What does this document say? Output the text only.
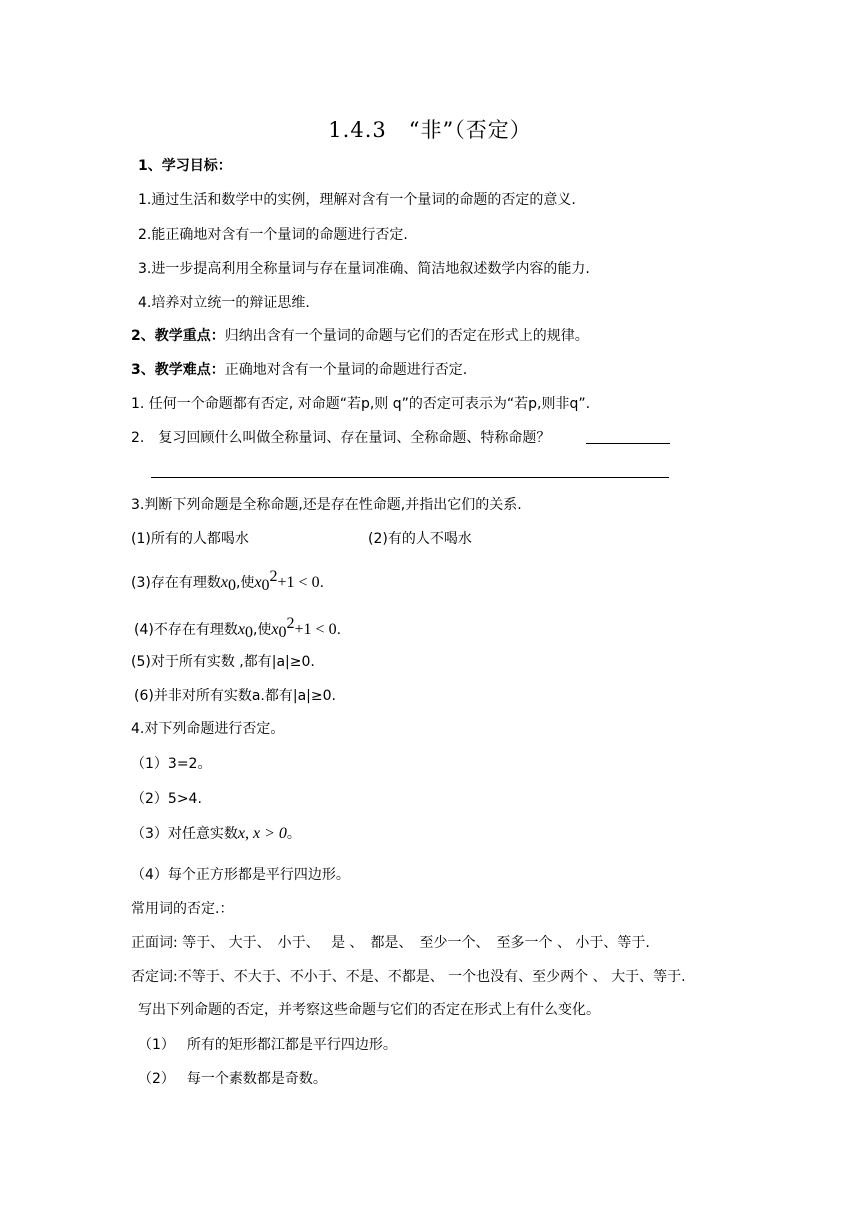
1.4.3　“非”（否定）
1、学习目标：
1.通过生活和数学中的实例，理解对含有一个量词的命题的否定的意义.
2.能正确地对含有一个量词的命题进行否定.
3.进一步提高利用全称量词与存在量词准确、简洁地叙述数学内容的能力.
4.培养对立统一的辩证思维.
2、教学重点：归纳出含有一个量词的命题与它们的否定在形式上的规律。
3、教学难点：正确地对含有一个量词的命题进行否定.
1. 任何一个命题都有否定, 对命题“若p,则 q”的否定可表示为“若p,则非q”.
2.　复习回顾什么叫做全称量词、存在量词、全称命题、特称命题？
3.判断下列命题是全称命题,还是存在性命题,并指出它们的关系.
(1)所有的人都喝水	(2)有的人不喝水
(3)存在有理数$x_0$,使$x_0^2+1 < 0$.
(4)不存在有理数$x_0$,使$x_0^2+1 < 0$.
(5)对于所有实数 ,都有|a|≥0.
(6)并非对所有实数a.都有|a|≥0.
4.对下列命题进行否定。
（1）3=2。
（2）5>4.
（3）对任意实数x, x > 0。
（4）每个正方形都是平行四边形。
常用词的否定.：
正面词: 等于、 大于、　小于、　 是 、　都是、　至少一个、　至多一个 、 小于、等于.
否定词:不等于、不大于、不小于、不是、不都是、 一个也没有、至少两个 、 大于、等于.
写出下列命题的否定，并考察这些命题与它们的否定在形式上有什么变化。
（1） 所有的矩形都江都是平行四边形。
（2） 每一个素数都是奇数。
